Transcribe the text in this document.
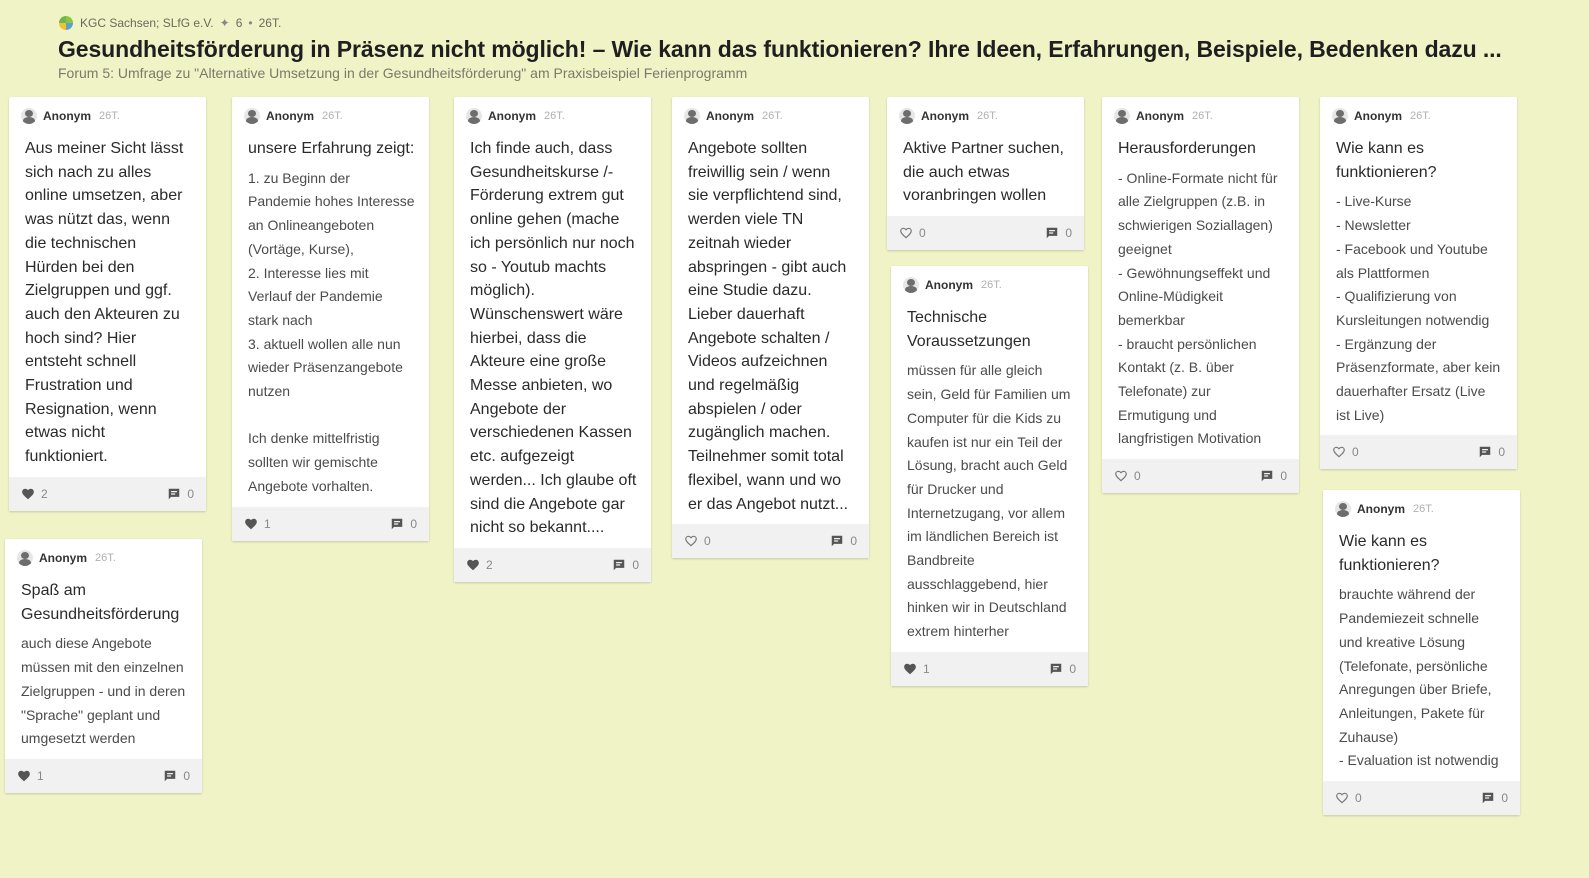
KGC Sachsen; SLfG e.V. ✦ 6 • 26T.
Gesundheitsförderung in Präsenz nicht möglich! – Wie kann das funktionieren? Ihre Ideen, Erfahrungen, Beispiele, Bedenken dazu ...
Forum 5: Umfrage zu "Alternative Umsetzung in der Gesundheitsförderung" am Praxisbeispiel Ferienprogramm
Anonym 26T.
Aus meiner Sicht lässt sich nach zu alles online umsetzen, aber was nützt das, wenn die technischen Hürden bei den Zielgruppen und ggf. auch den Akteuren zu hoch sind? Hier entsteht schnell Frustration und Resignation, wenn etwas nicht funktioniert.
2	0
Anonym 26T.
Spaß am Gesundheitsförderung
auch diese Angebote müssen mit den einzelnen Zielgruppen - und in deren "Sprache" geplant und umgesetzt werden
1	0
Anonym 26T.
unsere Erfahrung zeigt:
1. zu Beginn der Pandemie hohes Interesse an Onlineangeboten (Vortäge, Kurse),
2. Interesse lies mit Verlauf der Pandemie stark nach
3. aktuell wollen alle nun wieder Präsenzangebote nutzen

Ich denke mittelfristig sollten wir gemischte Angebote vorhalten.
1	0
Anonym 26T.
Ich finde auch, dass Gesundheitskurse /-Förderung extrem gut online gehen (mache ich persönlich nur noch so - Youtub machts möglich). Wünschenswert wäre hierbei, dass die Akteure eine große Messe anbieten, wo Angebote der verschiedenen Kassen etc. aufgezeigt werden... Ich glaube oft sind die Angebote gar nicht so bekannt....
2	0
Anonym 26T.
Angebote sollten freiwillig sein / wenn sie verpflichtend sind, werden viele TN zeitnah wieder abspringen - gibt auch eine Studie dazu. Lieber dauerhaft Angebote schalten / Videos aufzeichnen und regelmäßig abspielen / oder zugänglich machen. Teilnehmer somit total flexibel, wann und wo er das Angebot nutzt...
0	0
Anonym 26T.
Aktive Partner suchen, die auch etwas voranbringen wollen
0	0
Anonym 26T.
Technische Voraussetzungen
müssen für alle gleich sein, Geld für Familien um Computer für die Kids zu kaufen ist nur ein Teil der Lösung, bracht auch Geld für Drucker und Internetzugang, vor allem im ländlichen Bereich ist Bandbreite ausschlaggebend, hier hinken wir in Deutschland extrem hinterher
1	0
Anonym 26T.
Herausforderungen
- Online-Formate nicht für alle Zielgruppen (z.B. in schwierigen Soziallagen) geeignet
- Gewöhnungseffekt und Online-Müdigkeit bemerkbar
- braucht persönlichen Kontakt (z. B. über Telefonate) zur Ermutigung und langfristigen Motivation
0	0
Anonym 26T.
Wie kann es funktionieren?
- Live-Kurse
- Newsletter
- Facebook und Youtube als Plattformen
- Qualifizierung von Kursleitungen notwendig
- Ergänzung der Präsenzformate, aber kein dauerhafter Ersatz (Live ist Live)
0	0
Anonym 26T.
Wie kann es funktionieren?
brauchte während der Pandemiezeit schnelle und kreative Lösung (Telefonate, persönliche Anregungen über Briefe, Anleitungen, Pakete für Zuhause)
- Evaluation ist notwendig
0	0
